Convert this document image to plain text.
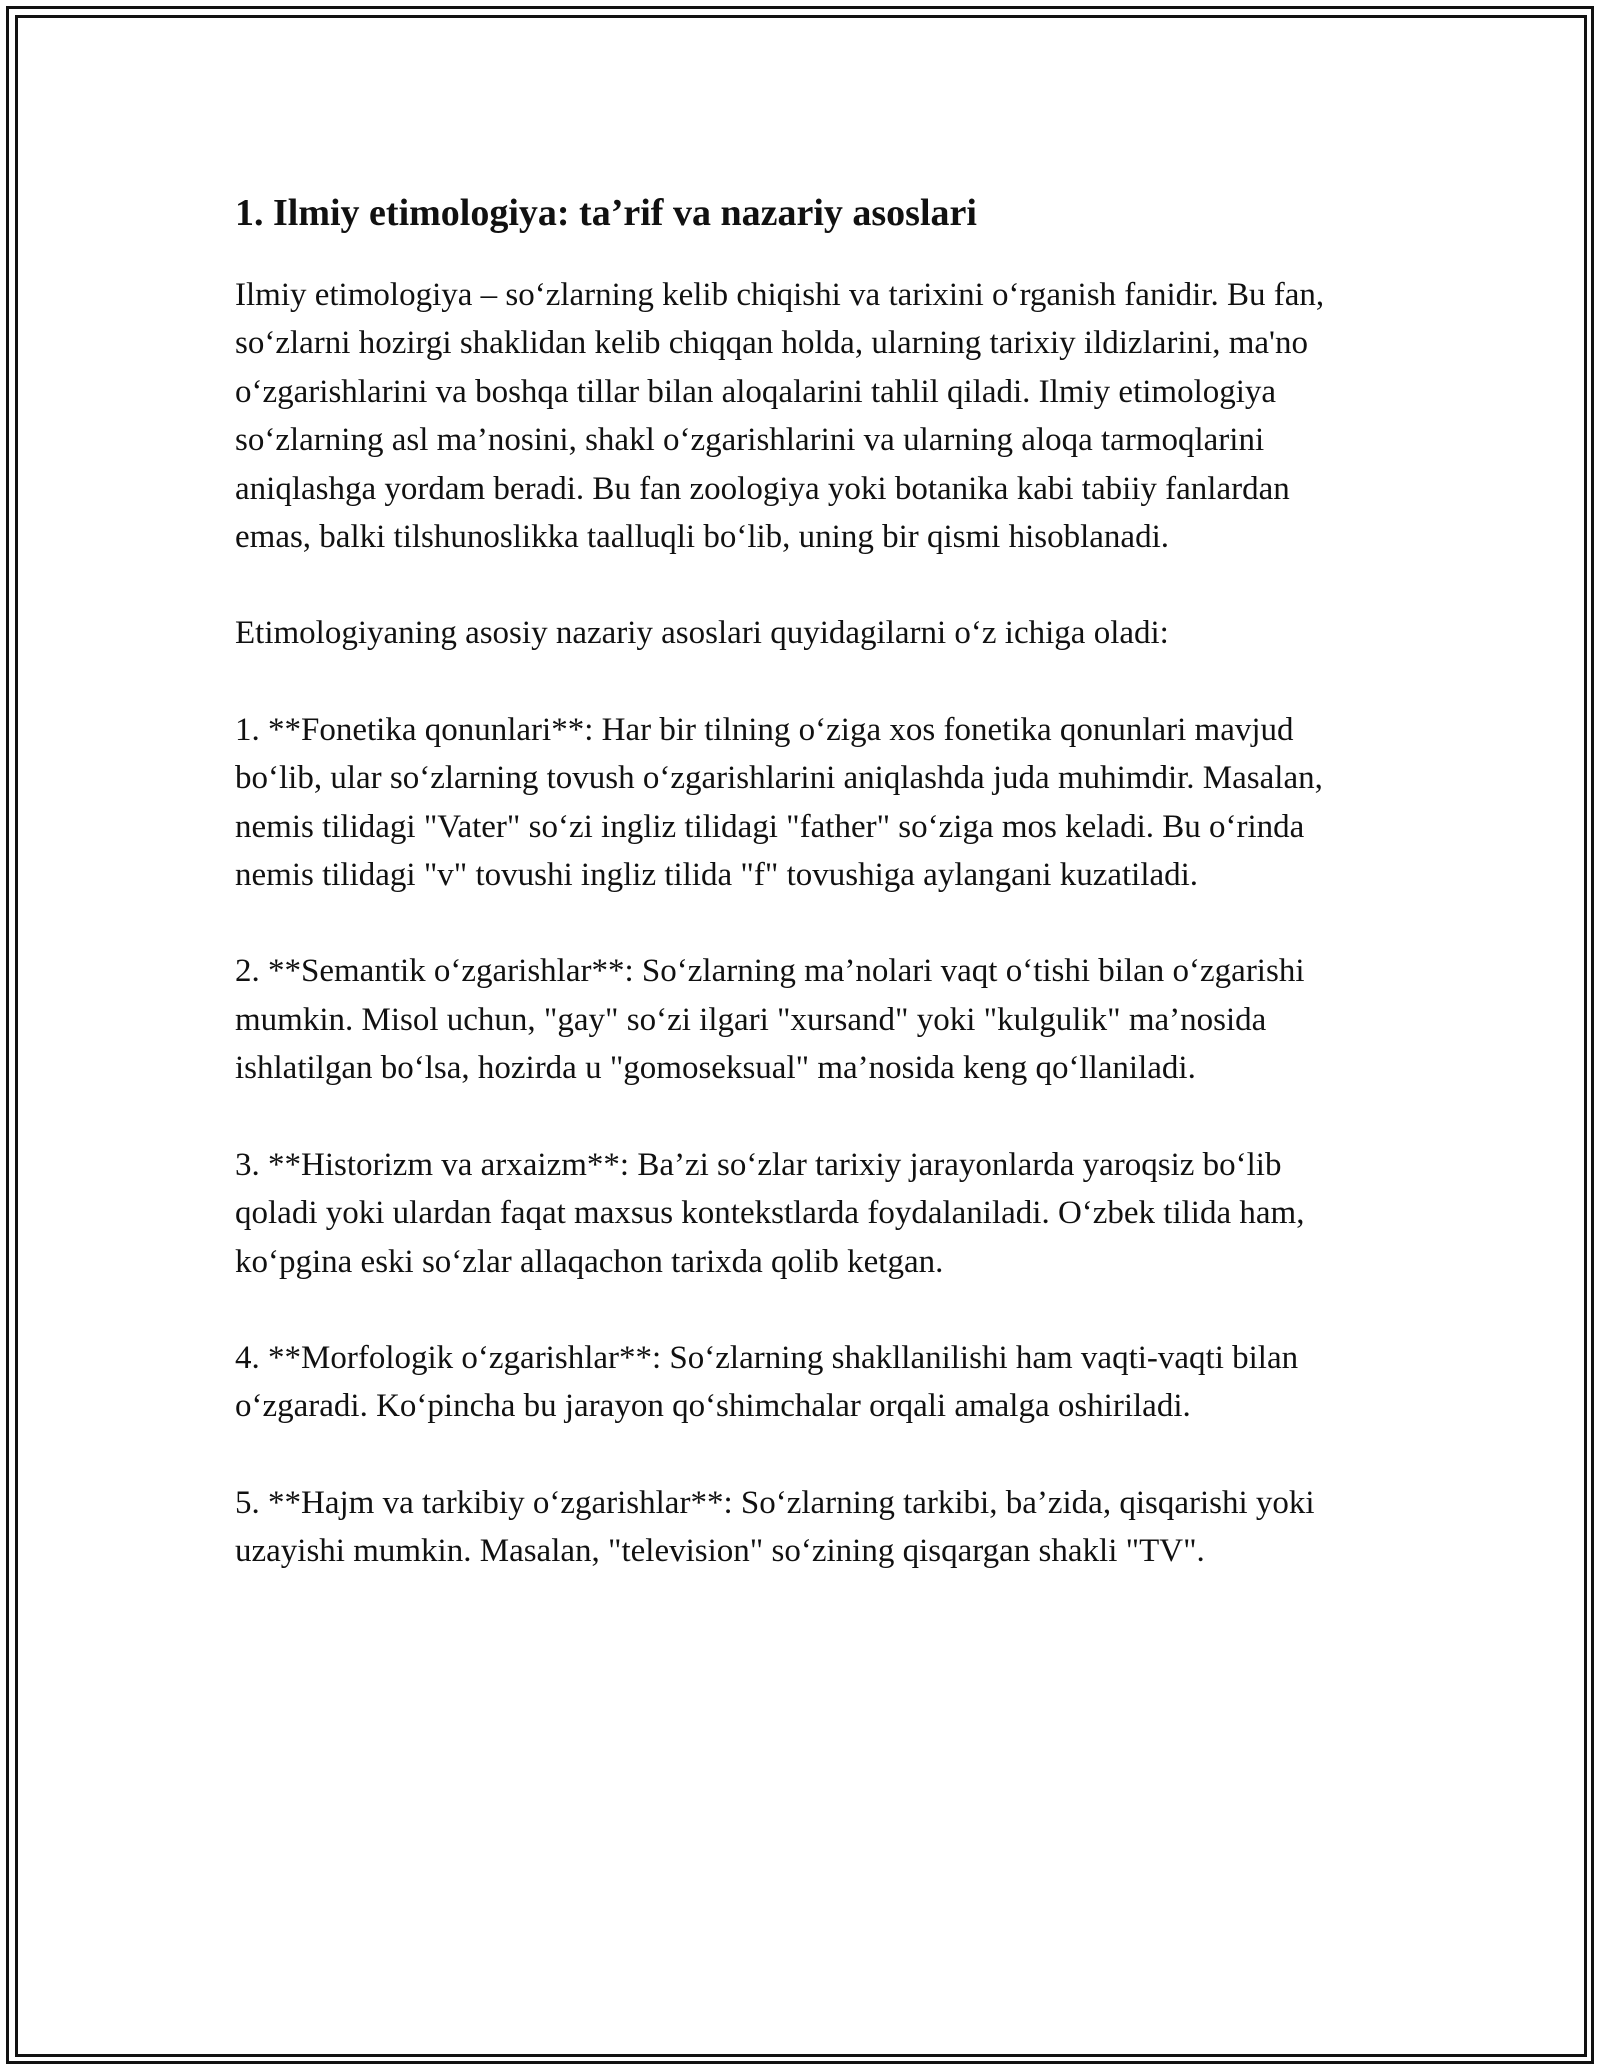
1. Ilmiy etimologiya: ta’rif va nazariy asoslari

Ilmiy etimologiya – so‘zlarning kelib chiqishi va tarixini o‘rganish fanidir. Bu fan, so‘zlarni hozirgi shaklidan kelib chiqqan holda, ularning tarixiy ildizlarini, ma'no o‘zgarishlarini va boshqa tillar bilan aloqalarini tahlil qiladi. Ilmiy etimologiya so‘zlarning asl ma’nosini, shakl o‘zgarishlarini va ularning aloqa tarmoqlarini aniqlashga yordam beradi. Bu fan zoologiya yoki botanika kabi tabiiy fanlardan emas, balki tilshunoslikka taalluqli bo‘lib, uning bir qismi hisoblanadi.

Etimologiyaning asosiy nazariy asoslari quyidagilarni o‘z ichiga oladi:

1. **Fonetika qonunlari**: Har bir tilning o‘ziga xos fonetika qonunlari mavjud bo‘lib, ular so‘zlarning tovush o‘zgarishlarini aniqlashda juda muhimdir. Masalan, nemis tilidagi "Vater" so‘zi ingliz tilidagi "father" so‘ziga mos keladi. Bu o‘rinda nemis tilidagi "v" tovushi ingliz tilida "f" tovushiga aylangani kuzatiladi.

2. **Semantik o‘zgarishlar**: So‘zlarning ma’nolari vaqt o‘tishi bilan o‘zgarishi mumkin. Misol uchun, "gay" so‘zi ilgari "xursand" yoki "kulgulik" ma’nosida ishlatilgan bo‘lsa, hozirda u "gomoseksual" ma’nosida keng qo‘llaniladi.

3. **Historizm va arxaizm**: Ba’zi so‘zlar tarixiy jarayonlarda yaroqsiz bo‘lib qoladi yoki ulardan faqat maxsus kontekstlarda foydalaniladi. O‘zbek tilida ham, ko‘pgina eski so‘zlar allaqachon tarixda qolib ketgan.

4. **Morfologik o‘zgarishlar**: So‘zlarning shakllanilishi ham vaqti-vaqti bilan o‘zgaradi. Ko‘pincha bu jarayon qo‘shimchalar orqali amalga oshiriladi.

5. **Hajm va tarkibiy o‘zgarishlar**: So‘zlarning tarkibi, ba’zida, qisqarishi yoki uzayishi mumkin. Masalan, "television" so‘zining qisqargan shakli "TV".
